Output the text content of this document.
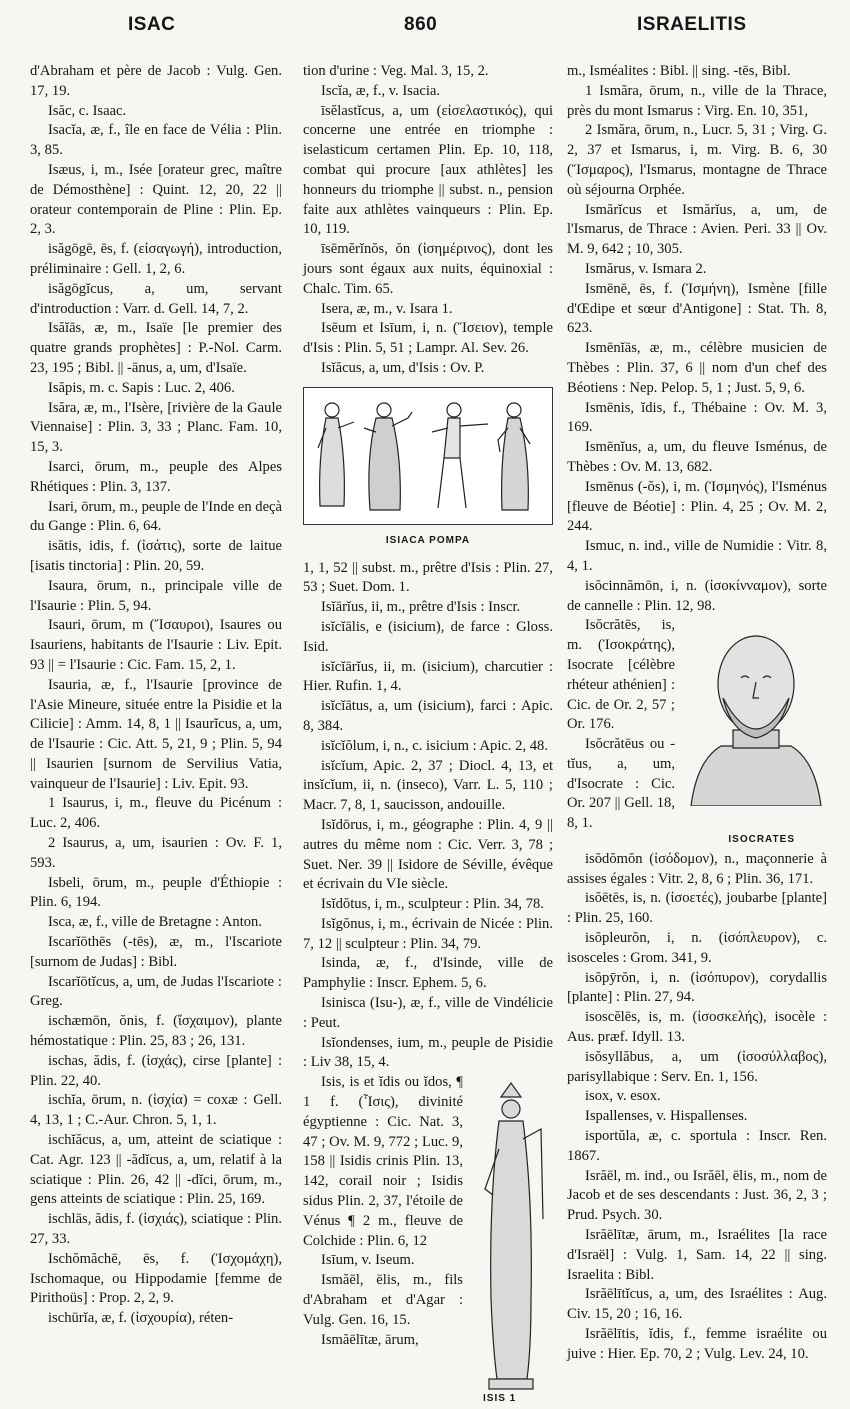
ISAC	860	ISRAELITIS

d'Abraham et père de Jacob : Vulg. Gen. 17, 19.

Isăc, c. Isaac.

Isacĭa, æ, f., île en face de Vélia : Plin. 3, 85.

Isæus, i, m., Isée [orateur grec, maître de Démosthène] : Quint. 12, 20, 22 || orateur contemporain de Pline : Plin. Ep. 2, 3.

isăgōgē, ēs, f. (εἰσαγωγή), introduction, préliminaire : Gell. 1, 2, 6.

isăgōgĭcus, a, um, servant d'introduction : Varr. d. Gell. 14, 7, 2.

Isăĭās, æ, m., Isaïe [le premier des quatre grands prophètes] : P.-Nol. Carm. 23, 195 ; Bibl. || -ānus, a, um, d'Isaïe.

Isăpis, m. c. Sapis : Luc. 2, 406.

Isăra, æ, m., l'Isère, [rivière de la Gaule Viennaise] : Plin. 3, 33 ; Planc. Fam. 10, 15, 3.

Isarci, ōrum, m., peuple des Alpes Rhétiques : Plin. 3, 137.

Isari, ōrum, m., peuple de l'Inde en deçà du Gange : Plin. 6, 64.

isătis, idis, f. (ἰσάτις), sorte de laitue [isatis tinctoria] : Plin. 20, 59.

Isaura, ōrum, n., principale ville de l'Isaurie : Plin. 5, 94.

Isauri, ōrum, m (Ἴσαυροι), Isaures ou Isauriens, habitants de l'Isaurie : Liv. Epit. 93 || = l'Isaurie : Cic. Fam. 15, 2, 1.

Isauria, æ, f., l'Isaurie [province de l'Asie Mineure, située entre la Pisidie et la Cilicie] : Amm. 14, 8, 1 || Isaurĭcus, a, um, de l'Isaurie : Cic. Att. 5, 21, 9 ; Plin. 5, 94 || Isaurien [surnom de Servilius Vatia, vainqueur de l'Isaurie] : Liv. Epit. 93.

1 Isaurus, i, m., fleuve du Picénum : Luc. 2, 406.

2 Isaurus, a, um, isaurien : Ov. F. 1, 593.

Isbeli, ōrum, m., peuple d'Éthiopie : Plin. 6, 194.

Isca, æ, f., ville de Bretagne : Anton.

Iscarĭōthēs (-tēs), æ, m., l'Iscariote [surnom de Judas] : Bibl.

Iscarĭōtĭcus, a, um, de Judas l'Iscariote : Greg.

ischæmōn, ŏnis, f. (ἴσχαιμον), plante hémostatique : Plin. 25, 83 ; 26, 131.

ischas, ădis, f. (ἰσχάς), cirse [plante] : Plin. 22, 40.

ischĭa, ōrum, n. (ἰσχία) = coxæ : Gell. 4, 13, 1 ; C.-Aur. Chron. 5, 1, 1.

ischĭăcus, a, um, atteint de sciatique : Cat. Agr. 123 || -ădĭcus, a, um, relatif à la sciatique : Plin. 26, 42 || -dĭci, ōrum, m., gens atteints de sciatique : Plin. 25, 169.

ischlās, ădis, f. (ἰσχιάς), sciatique : Plin. 27, 33.

Ischŏmăchē, ēs, f. (Ἰσχομάχη), Ischomaque, ou Hippodamie [femme de Pirithoüs] : Prop. 2, 2, 9.

ischūrĭa, æ, f. (ἰσχουρία), réten-

tion d'urine : Veg. Mal. 3, 15, 2.

Iscĭa, æ, f., v. Isacia.

īsĕlastĭcus, a, um (εἰσελαστικός), qui concerne une entrée en triomphe : iselasticum certamen Plin. Ep. 10, 118, combat qui procure [aux athlètes] les honneurs du triomphe || subst. n., pension faite aux athlètes vainqueurs : Plin. Ep. 10, 119.

īsēmĕrĭnŏs, ŏn (ἰσημέρινος), dont les jours sont égaux aux nuits, équinoxial : Chalc. Tim. 65.

Isera, æ, m., v. Isara 1.

Isēum et Isīum, i, n. (Ἴσειον), temple d'Isis : Plin. 5, 51 ; Lampr. Al. Sev. 26.

Isĭăcus, a, um, d'Isis : Ov. P.

ISIACA POMPA

1, 1, 52 || subst. m., prêtre d'Isis : Plin. 27, 53 ; Suet. Dom. 1.

Isĭārĭus, ii, m., prêtre d'Isis : Inscr.

isĭcĭālis, e (isicium), de farce : Gloss. Isid.

isĭcĭārĭus, ii, m. (isicium), charcutier : Hier. Rufin. 1, 4.

isĭcĭātus, a, um (isicium), farci : Apic. 8, 384.

isĭcĭŏlum, i, n., c. isicium : Apic. 2, 48.

isĭcĭum, Apic. 2, 37 ; Diocl. 4, 13, et insĭcĭum, ii, n. (inseco), Varr. L. 5, 110 ; Macr. 7, 8, 1, saucisson, andouille.

Isĭdōrus, i, m., géographe : Plin. 4, 9 || autres du même nom : Cic. Verr. 3, 78 ; Suet. Ner. 39 || Isidore de Séville, évêque et écrivain du VIe siècle.

Isĭdŏtus, i, m., sculpteur : Plin. 34, 78.

Isĭgŏnus, i, m., écrivain de Nicée : Plin. 7, 12 || sculpteur : Plin. 34, 79.

Isinda, æ, f., d'Isinde, ville de Pamphylie : Inscr. Ephem. 5, 6.

Isinisca (Isu-), æ, f., ville de Vindélicie : Peut.

Isĭondenses, ium, m., peuple de Pisidie : Liv 38, 15, 4.

Isis, is et ĭdis ou ĭdos, ¶ 1 f. (Ἶσις), divinité égyptienne : Cic. Nat. 3, 47 ; Ov. M. 9, 772 ; Luc. 9, 158 || Isidis crinis Plin. 13, 142, corail noir ; Isidis sidus Plin. 2, 37, l'étoile de Vénus ¶ 2 m., fleuve de Colchide : Plin. 6, 12

Isīum, v. Iseum.

Ismăēl, ēlis, m., fils d'Abraham et d'Agar : Vulg. Gen. 16, 15.

Ismăēlītæ, ārum,

ISIS 1

m., Isméalites : Bibl. || sing. -tēs, Bibl.

1 Ismăra, ōrum, n., ville de la Thrace, près du mont Ismarus : Virg. En. 10, 351,

2 Ismăra, ōrum, n., Lucr. 5, 31 ; Virg. G. 2, 37 et Ismarus, i, m. Virg. B. 6, 30 (Ἴσμαρος), l'Ismarus, montagne de Thrace où séjourna Orphée.

Ismărĭcus et Ismărĭus, a, um, de l'Ismarus, de Thrace : Avien. Peri. 33 || Ov. M. 9, 642 ; 10, 305.

Ismărus, v. Ismara 2.

Ismēnē, ēs, f. (Ἰσμήνη), Ismène [fille d'Œdipe et sœur d'Antigone] : Stat. Th. 8, 623.

Ismēnĭās, æ, m., célèbre musicien de Thèbes : Plin. 37, 6 || nom d'un chef des Béotiens : Nep. Pelop. 5, 1 ; Just. 5, 9, 6.

Ismēnis, ĭdis, f., Thébaine : Ov. M. 3, 169.

Ismēnĭus, a, um, du fleuve Isménus, de Thèbes : Ov. M. 13, 682.

Ismēnus (-ŏs), i, m. (Ἰσμηνός), l'Isménus [fleuve de Béotie] : Plin. 4, 25 ; Ov. M. 2, 244.

Ismuc, n. ind., ville de Numidie : Vitr. 8, 4, 1.

isŏcinnămōn, i, n. (ἰσοκίνναμον), sorte de cannelle : Plin. 12, 98.

Isŏcrătēs, is, m. (Ἰσοκράτης), Isocrate [célèbre rhéteur athénien] : Cic. de Or. 2, 57 ; Or. 176.

Isŏcrătēus ou -tĭus, a, um, d'Isocrate : Cic. Or. 207 || Gell. 18, 8, 1.

ISOCRATES

isŏdŏmŏn (ἰσόδομον), n., maçonnerie à assises égales : Vitr. 2, 8, 6 ; Plin. 36, 171.

isŏētēs, is, n. (ἰσοετές), joubarbe [plante] : Plin. 25, 160.

isŏpleurŏn, i, n. (ἰσόπλευρον), c. isosceles : Grom. 341, 9.

isŏpȳrŏn, i, n. (ἰσόπυρον), corydallis [plante] : Plin. 27, 94.

isoscĕlēs, is, m. (ἰσοσκελής), isocèle : Aus. præf. Idyll. 13.

isŏsyllăbus, a, um (ἰσοσύλλαβος), parisyllabique : Serv. En. 1, 156.

isox, v. esox.

Ispallenses, v. Hispallenses.

isportŭla, æ, c. sportula : Inscr. Ren. 1867.

Isrăēl, m. ind., ou Isrăēl, ēlis, m., nom de Jacob et de ses descendants : Just. 36, 2, 3 ; Prud. Psych. 30.

Isrăēlītæ, ārum, m., Israélites [la race d'Israël] : Vulg. 1, Sam. 14, 22 || sing. Israelita : Bibl.

Isrăēlītĭcus, a, um, des Israélites : Aug. Civ. 15, 20 ; 16, 16.

Isrăēlītis, ĭdis, f., femme israélite ou juive : Hier. Ep. 70, 2 ; Vulg. Lev. 24, 10.
